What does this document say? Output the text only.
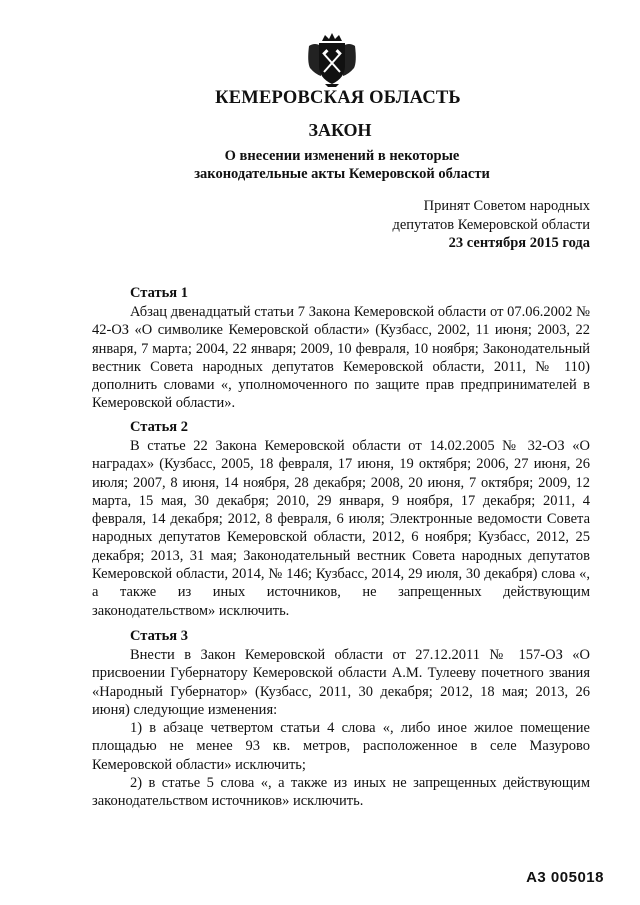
КЕМЕРОВСКАЯ ОБЛАСТЬ
ЗАКОН
О внесении изменений в некоторые
законодательные акты Кемеровской области
Принят Советом народных
депутатов Кемеровской области
23 сентября 2015 года
Статья 1

Абзац двенадцатый статьи 7 Закона Кемеровской области от 07.06.2002 № 42-ОЗ «О символике Кемеровской области» (Кузбасс, 2002, 11 июня; 2003, 22 января, 7 марта; 2004, 22 января; 2009, 10 февраля, 10 ноября; Законодательный вестник Совета народных депутатов Кемеровской области, 2011, № 110) дополнить словами «, уполномоченного по защите прав предпринимателей в Кемеровской области».

Статья 2

В статье 22 Закона Кемеровской области от 14.02.2005 № 32-ОЗ «О наградах» (Кузбасс, 2005, 18 февраля, 17 июня, 19 октября; 2006, 27 июня, 26 июля; 2007, 8 июня, 14 ноября, 28 декабря; 2008, 20 июня, 7 октября; 2009, 12 марта, 15 мая, 30 декабря; 2010, 29 января, 9 ноября, 17 декабря; 2011, 4 февраля, 14 декабря; 2012, 8 февраля, 6 июля; Электронные ведомости Совета народных депутатов Кемеровской области, 2012, 6 ноября; Кузбасс, 2012, 25 декабря; 2013, 31 мая; Законодательный вестник Совета народных депутатов Кемеровской области, 2014, № 146; Кузбасс, 2014, 29 июля, 30 декабря) слова «, а также из иных источников, не запрещенных действующим законодательством» исключить.

Статья 3

Внести в Закон Кемеровской области от 27.12.2011 № 157-ОЗ «О присвоении Губернатору Кемеровской области А.М. Тулееву почетного звания «Народный Губернатор» (Кузбасс, 2011, 30 декабря; 2012, 18 мая; 2013, 26 июня) следующие изменения:

1) в абзаце четвертом статьи 4 слова «, либо иное жилое помещение площадью не менее 93 кв. метров, расположенное в селе Мазурово Кемеровской области» исключить;

2) в статье 5 слова «, а также из иных не запрещенных действующим законодательством источников» исключить.

А3 005018
